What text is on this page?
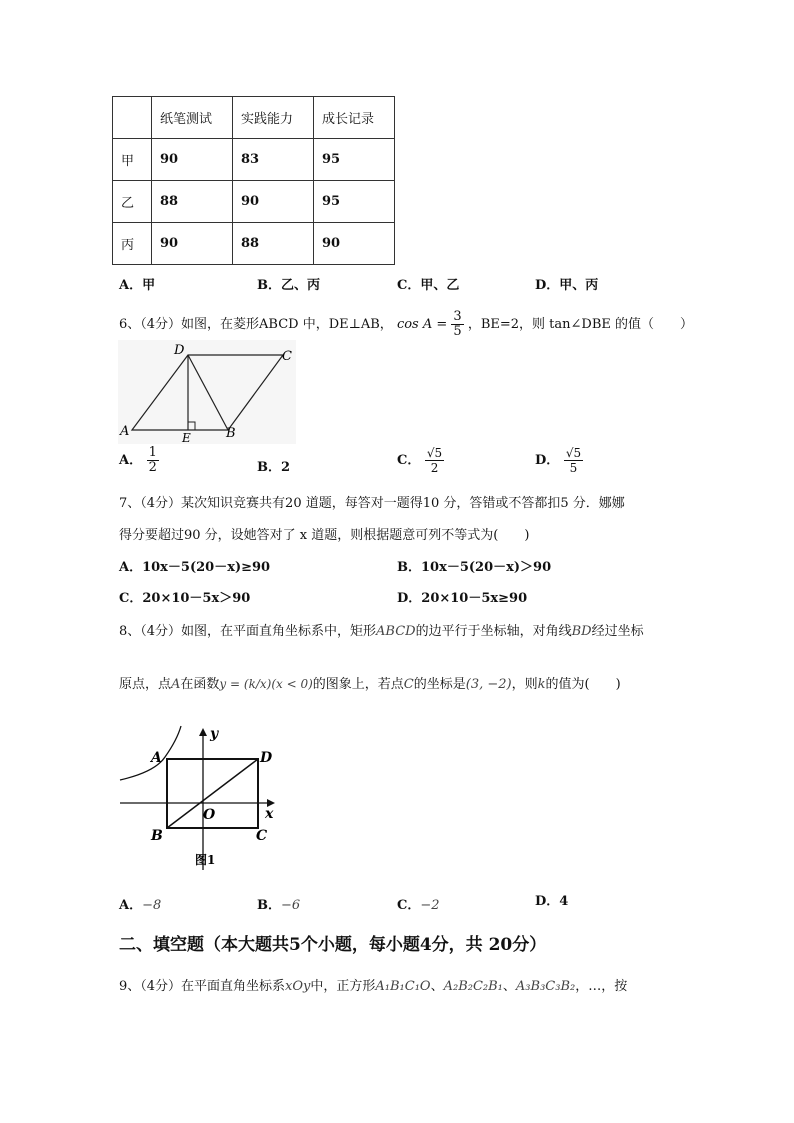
	纸笔测试	实践能力	成长记录
甲	90	83	95
乙	88	90	95
丙	90	88	90
A．甲	B．乙、丙	C．甲、乙	D．甲、丙
6、（4分）如图，在菱形ABCD 中，DE⊥AB， $\cos A = \frac{3}{5}$ ，BE=2，则 tan∠DBE 的值（　　）
A
D	C
B
E
A． $\frac{1}{2}$	B．2	C． $\frac{√5}{2}$	D． $\frac{√5}{5}$
7、（4分）某次知识竞赛共有20 道题，每答对一题得10 分，答错或不答都扣5 分．娜娜
得分要超过90 分，设她答对了 x 道题，则根据题意可列不等式为(　　)
A．10x－5(20－x)≥90	B．10x－5(20－x)＞90
C．20×10－5x＞90	D．20×10－5x≥90
8、（4分）如图，在平面直角坐标系中，矩形ABCD的边平行于坐标轴，对角线BD经过坐标
原点，点A在函数y = (k/x)(x < 0)的图象上，若点C的坐标是(3, −2)，则k的值为(　　)
y
x
A	D
O
B	C
图1
A．−8	B．−6	C．−2	D．4
二、填空题（本大题共5个小题，每小题4分，共 20分）
9、（4分）在平面直角坐标系xOy中，正方形A₁B₁C₁O、A₂B₂C₂B₁、A₃B₃C₃B₂，…，按
